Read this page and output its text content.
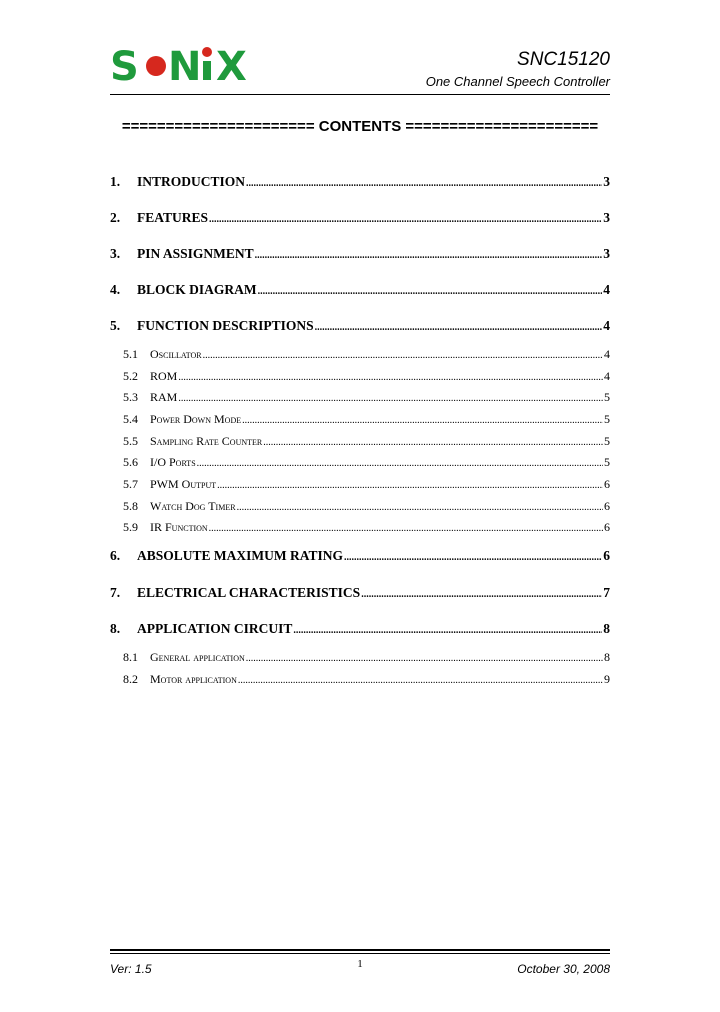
S N X	SNC15120
One Channel Speech Controller
====================== CONTENTS ======================
1.	INTRODUCTION .....	3
2.	FEATURES .....	3
3.	PIN ASSIGNMENT .....	3
4.	BLOCK DIAGRAM .....	4
5.	FUNCTION DESCRIPTIONS .....	4
5.1	Oscillator .....	4
5.2	ROM .....	4
5.3	RAM .....	5
5.4	Power Down Mode .....	5
5.5	Sampling Rate Counter .....	5
5.6	I/O Ports .....	5
5.7	PWM Output .....	6
5.8	Watch Dog Timer .....	6
5.9	IR Function .....	6
6.	ABSOLUTE MAXIMUM RATING .....	6
7.	ELECTRICAL CHARACTERISTICS .....	7
8.	APPLICATION CIRCUIT .....	8
8.1	General application .....	8
8.2	Motor application .....	9
Ver: 1.5	1	October 30, 2008
